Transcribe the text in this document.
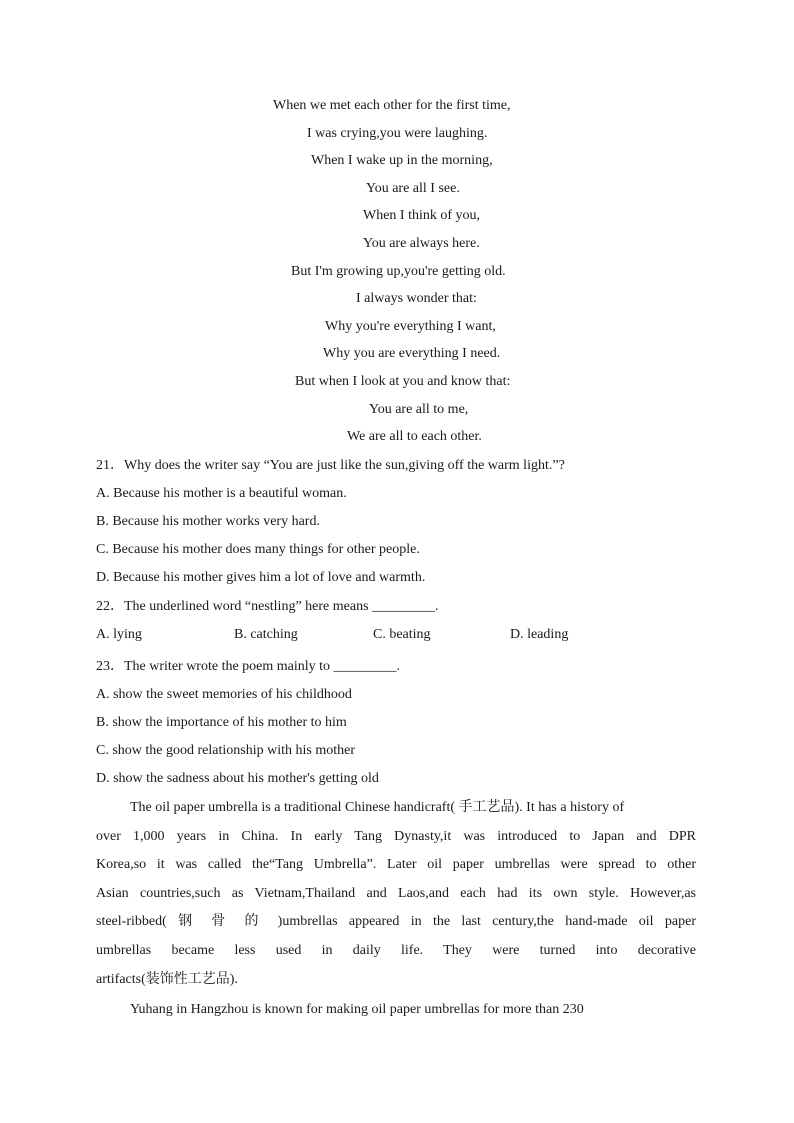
When we met each other for the first time,
I was crying,you were laughing.
When I wake up in the morning,
You are all I see.
When I think of you,
You are always here.
But I'm growing up,you're getting old.
I always wonder that:
Why you're everything I want,
Why you are everything I need.
But when I look at you and know that:
You are all to me,
We are all to each other.
21．Why does the writer say “You are just like the sun,giving off the warm light.”?
A. Because his mother is a beautiful woman.
B. Because his mother works very hard.
C. Because his mother does many things for other people.
D. Because his mother gives him a lot of love and warmth.
22．The underlined word “nestling” here means _________.
A. lying	B. catching	C. beating	D. leading
23．The writer wrote the poem mainly to _________.
A. show the sweet memories of his childhood
B. show the importance of his mother to him
C. show the good relationship with his mother
D. show the sadness about his mother's getting old
The oil paper umbrella is a traditional Chinese handicraft( 手工艺品). It has a history of
over 1,000 years in China. In early Tang Dynasty,it was introduced to Japan and DPR
Korea,so it was called the“Tang Umbrella”. Later oil paper umbrellas were spread to other
Asian countries,such as Vietnam,Thailand and Laos,and each had its own style. However,as
steel-ribbed( 钢 骨 的 )umbrellas appeared in the last century,the hand-made oil paper
umbrellas became less used in daily life. They were turned into decorative
artifacts(装饰性工艺品).
Yuhang in Hangzhou is known for making oil paper umbrellas for more than 230
